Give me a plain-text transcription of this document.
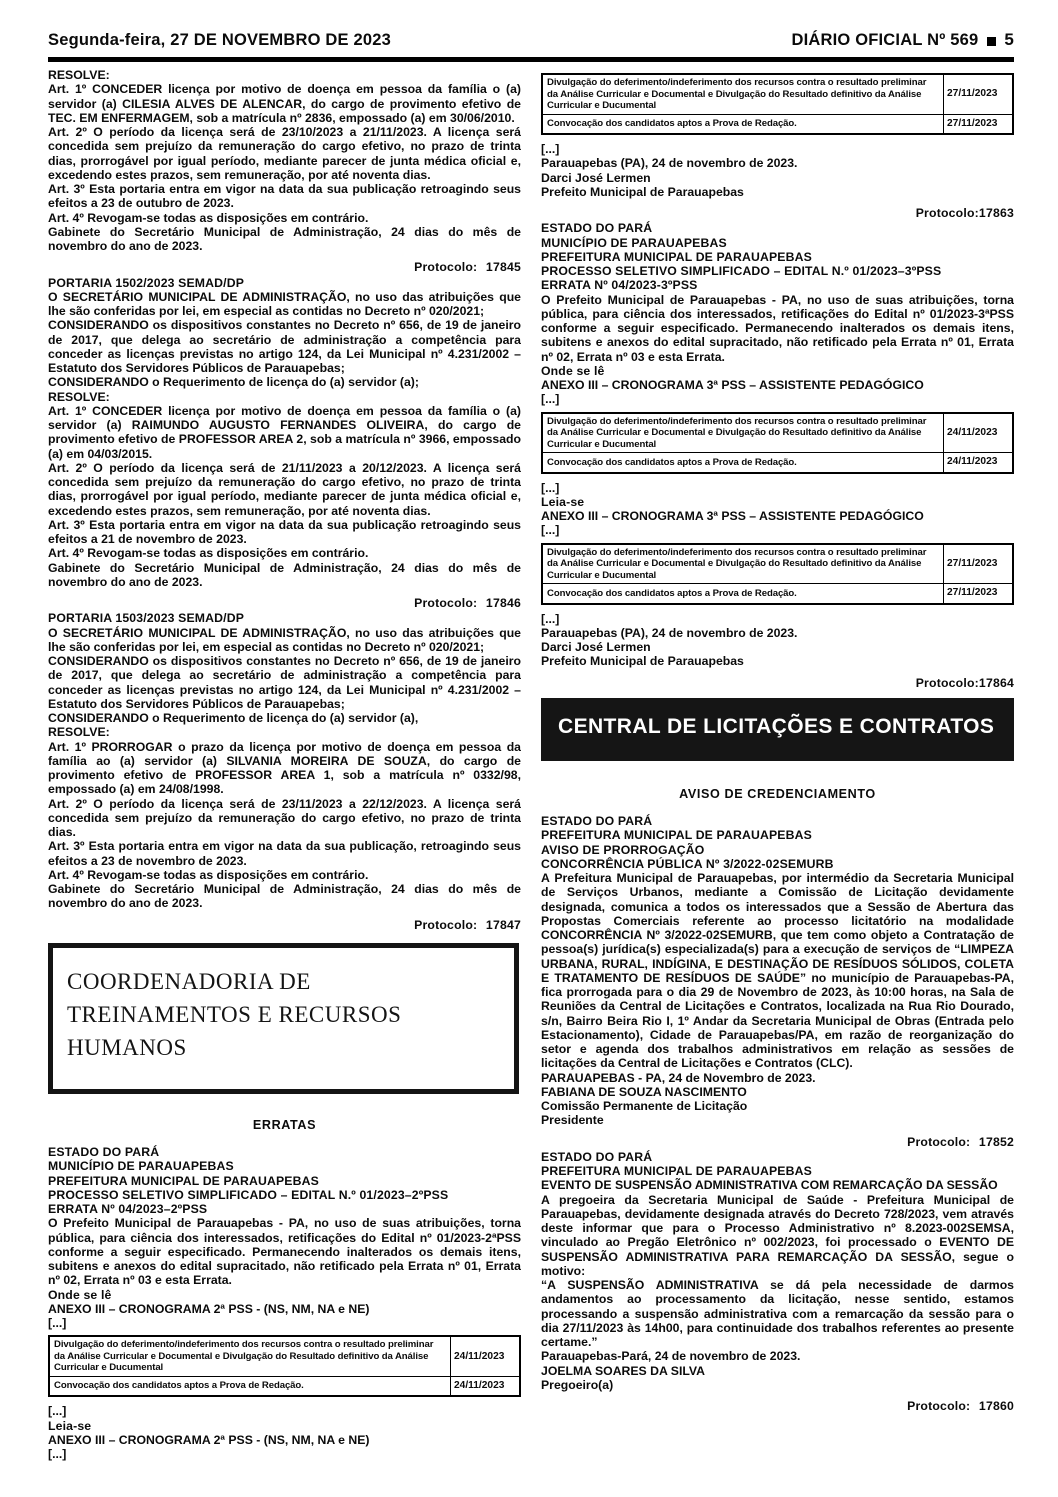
Segunda-feira, 27 DE NOVEMBRO DE 2023	DIÁRIO OFICIAL Nº 569 5
RESOLVE:
Art. 1º CONCEDER licença por motivo de doença em pessoa da família o (a) servidor (a) CILESIA ALVES DE ALENCAR, do cargo de provimento efetivo de TEC. EM ENFERMAGEM, sob a matrícula nº 2836, empossado (a) em 30/06/2010.
Art. 2º O período da licença será de 23/10/2023 a 21/11/2023. A licença será concedida sem prejuízo da remuneração do cargo efetivo, no prazo de trinta dias, prorrogável por igual período, mediante parecer de junta médica oficial e, excedendo estes prazos, sem remuneração, por até noventa dias.
Art. 3º Esta portaria entra em vigor na data da sua publicação retroagindo seus efeitos a 23 de outubro de 2023.
Art. 4º Revogam-se todas as disposições em contrário.
Gabinete do Secretário Municipal de Administração, 24 dias do mês de novembro do ano de 2023.
Protocolo: 17845
PORTARIA 1502/2023 SEMAD/DP
O SECRETÁRIO MUNICIPAL DE ADMINISTRAÇÃO, no uso das atribuições que lhe são conferidas por lei, em especial as contidas no Decreto nº 020/2021;
CONSIDERANDO os dispositivos constantes no Decreto nº 656, de 19 de janeiro de 2017, que delega ao secretário de administração a competência para conceder as licenças previstas no artigo 124, da Lei Municipal nº 4.231/2002 – Estatuto dos Servidores Públicos de Parauapebas;
CONSIDERANDO o Requerimento de licença do (a) servidor (a);
RESOLVE:
Art. 1º CONCEDER licença por motivo de doença em pessoa da família o (a) servidor (a) RAIMUNDO AUGUSTO FERNANDES OLIVEIRA, do cargo de provimento efetivo de PROFESSOR AREA 2, sob a matrícula nº 3966, empossado (a) em 04/03/2015.
Art. 2º O período da licença será de 21/11/2023 a 20/12/2023. A licença será concedida sem prejuízo da remuneração do cargo efetivo, no prazo de trinta dias, prorrogável por igual período, mediante parecer de junta médica oficial e, excedendo estes prazos, sem remuneração, por até noventa dias.
Art. 3º Esta portaria entra em vigor na data da sua publicação retroagindo seus efeitos a 21 de novembro de 2023.
Art. 4º Revogam-se todas as disposições em contrário.
Gabinete do Secretário Municipal de Administração, 24 dias do mês de novembro do ano de 2023.
Protocolo: 17846
PORTARIA 1503/2023 SEMAD/DP
O SECRETÁRIO MUNICIPAL DE ADMINISTRAÇÃO, no uso das atribuições que lhe são conferidas por lei, em especial as contidas no Decreto nº 020/2021;
CONSIDERANDO os dispositivos constantes no Decreto nº 656, de 19 de janeiro de 2017, que delega ao secretário de administração a competência para conceder as licenças previstas no artigo 124, da Lei Municipal nº 4.231/2002 – Estatuto dos Servidores Públicos de Parauapebas;
CONSIDERANDO o Requerimento de licença do (a) servidor (a),
RESOLVE:
Art. 1º PRORROGAR o prazo da licença por motivo de doença em pessoa da família ao (a) servidor (a) SILVANIA MOREIRA DE SOUZA, do cargo de provimento efetivo de PROFESSOR AREA 1, sob a matrícula nº 0332/98, empossado (a) em 24/08/1998.
Art. 2º O período da licença será de 23/11/2023 a 22/12/2023. A licença será concedida sem prejuízo da remuneração do cargo efetivo, no prazo de trinta dias.
Art. 3º Esta portaria entra em vigor na data da sua publicação, retroagindo seus efeitos a 23 de novembro de 2023.
Art. 4º Revogam-se todas as disposições em contrário.
Gabinete do Secretário Municipal de Administração, 24 dias do mês de novembro do ano de 2023.
Protocolo: 17847
COORDENADORIA DE TREINAMENTOS E RECURSOS HUMANOS
ERRATAS
ESTADO DO PARÁ
MUNICÍPIO DE PARAUAPEBAS
PREFEITURA MUNICIPAL DE PARAUAPEBAS
PROCESSO SELETIVO SIMPLIFICADO – EDITAL N.º 01/2023–2ºPSS
ERRATA Nº 04/2023–2ºPSS
O Prefeito Municipal de Parauapebas - PA, no uso de suas atribuições, torna pública, para ciência dos interessados, retificações do Edital nº 01/2023-2ªPSS conforme a seguir especificado. Permanecendo inalterados os demais itens, subitens e anexos do edital supracitado, não retificado pela Errata nº 01, Errata nº 02, Errata nº 03 e esta Errata.
Onde se lê
ANEXO III – CRONOGRAMA 2ª PSS - (NS, NM, NA e NE)
[...]
Divulgação do deferimento/indeferimento dos recursos contra o resultado preliminar da Análise Curricular e Documental e Divulgação do Resultado definitivo da Análise Curricular e Ducumental	24/11/2023
Convocação dos candidatos aptos a Prova de Redação.	24/11/2023
[...]
Leia-se
ANEXO III – CRONOGRAMA 2ª PSS - (NS, NM, NA e NE)
[...]
Divulgação do deferimento/indeferimento dos recursos contra o resultado preliminar da Análise Curricular e Documental e Divulgação do Resultado definitivo da Análise Curricular e Ducumental	27/11/2023
Convocação dos candidatos aptos a Prova de Redação.	27/11/2023
[...]
Parauapebas (PA), 24 de novembro de 2023.
Darci José Lermen
Prefeito Municipal de Parauapebas
Protocolo:17863
ESTADO DO PARÁ
MUNICÍPIO DE PARAUAPEBAS
PREFEITURA MUNICIPAL DE PARAUAPEBAS
PROCESSO SELETIVO SIMPLIFICADO – EDITAL N.º 01/2023–3ºPSS
ERRATA Nº 04/2023-3ºPSS
O Prefeito Municipal de Parauapebas - PA, no uso de suas atribuições, torna pública, para ciência dos interessados, retificações do Edital nº 01/2023-3ªPSS conforme a seguir especificado. Permanecendo inalterados os demais itens, subitens e anexos do edital supracitado, não retificado pela Errata nº 01, Errata nº 02, Errata nº 03 e esta Errata.
Onde se lê
ANEXO III – CRONOGRAMA 3ª PSS – ASSISTENTE PEDAGÓGICO
[...]
Divulgação do deferimento/indeferimento dos recursos contra o resultado preliminar da Análise Curricular e Documental e Divulgação do Resultado definitivo da Análise Curricular e Ducumental	24/11/2023
Convocação dos candidatos aptos a Prova de Redação.	24/11/2023
[...]
Leia-se
ANEXO III – CRONOGRAMA 3ª PSS – ASSISTENTE PEDAGÓGICO
[...]
Divulgação do deferimento/indeferimento dos recursos contra o resultado preliminar da Análise Curricular e Documental e Divulgação do Resultado definitivo da Análise Curricular e Ducumental	27/11/2023
Convocação dos candidatos aptos a Prova de Redação.	27/11/2023
[...]
Parauapebas (PA), 24 de novembro de 2023.
Darci José Lermen
Prefeito Municipal de Parauapebas
Protocolo:17864
CENTRAL DE LICITAÇÕES E CONTRATOS
AVISO DE CREDENCIAMENTO
ESTADO DO PARÁ
PREFEITURA MUNICIPAL DE PARAUAPEBAS
AVISO DE PRORROGAÇÃO
CONCORRÊNCIA PÚBLICA Nº 3/2022-02SEMURB
A Prefeitura Municipal de Parauapebas, por intermédio da Secretaria Municipal de Serviços Urbanos, mediante a Comissão de Licitação devidamente designada, comunica a todos os interessados que a Sessão de Abertura das Propostas Comerciais referente ao processo licitatório na modalidade CONCORRÊNCIA Nº 3/2022-02SEMURB, que tem como objeto a Contratação de pessoa(s) jurídica(s) especializada(s) para a execução de serviços de “LIMPEZA URBANA, RURAL, INDÍGINA, E DESTINAÇÃO DE RESÍDUOS SÓLIDOS, COLETA E TRATAMENTO DE RESÍDUOS DE SAÚDE” no município de Parauapebas-PA, fica prorrogada para o dia 29 de Novembro de 2023, às 10:00 horas, na Sala de Reuniões da Central de Licitações e Contratos, localizada na Rua Rio Dourado, s/n, Bairro Beira Rio I, 1º Andar da Secretaria Municipal de Obras (Entrada pelo Estacionamento), Cidade de Parauapebas/PA, em razão de reorganização do setor e agenda dos trabalhos administrativos em relação as sessões de licitações da Central de Licitações e Contratos (CLC).
PARAUAPEBAS - PA, 24 de Novembro de 2023.
FABIANA DE SOUZA NASCIMENTO
Comissão Permanente de Licitação
Presidente
Protocolo: 17852
ESTADO DO PARÁ
PREFEITURA MUNICIPAL DE PARAUAPEBAS
EVENTO DE SUSPENSÃO ADMINISTRATIVA COM REMARCAÇÃO DA SESSÃO
A pregoeira da Secretaria Municipal de Saúde - Prefeitura Municipal de Parauapebas, devidamente designada através do Decreto 728/2023, vem através deste informar que para o Processo Administrativo nº 8.2023-002SEMSA, vinculado ao Pregão Eletrônico nº 002/2023, foi processado o EVENTO DE SUSPENSÃO ADMINISTRATIVA PARA REMARCAÇÃO DA SESSÃO, segue o motivo:
“A SUSPENSÃO ADMINISTRATIVA se dá pela necessidade de darmos andamentos ao processamento da licitação, nesse sentido, estamos processando a suspensão administrativa com a remarcação da sessão para o dia 27/11/2023 às 14h00, para continuidade dos trabalhos referentes ao presente certame.”
Parauapebas-Pará, 24 de novembro de 2023.
JOELMA SOARES DA SILVA
Pregoeiro(a)
Protocolo: 17860
